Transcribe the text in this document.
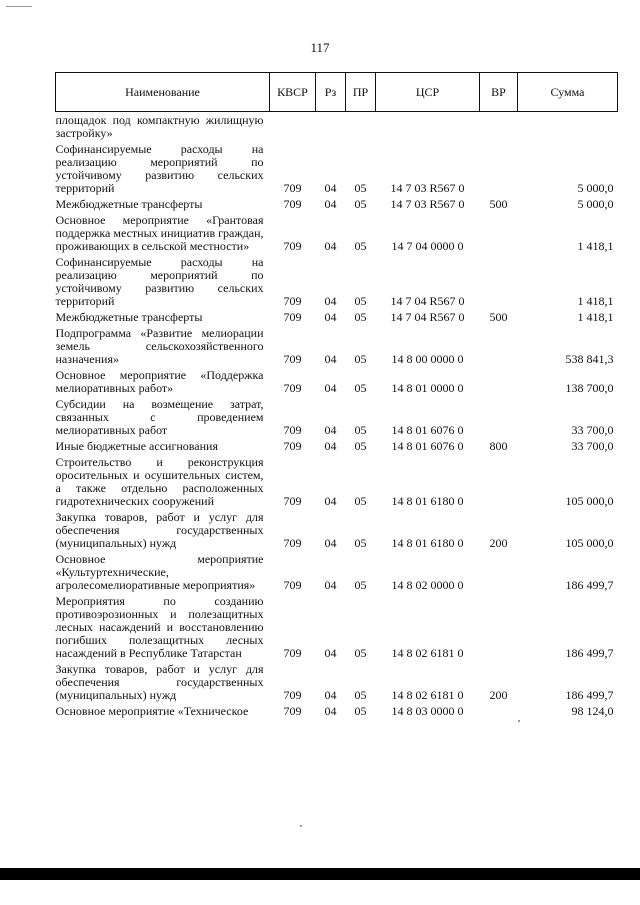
117
Наименование	КВСР	Рз	ПР	ЦСР	ВР	Сумма
площадок под компактную жилищную застройку»						
Софинансируемые расходы на реализацию мероприятий по устойчивому развитию сельских территорий	709	04	05	14 7 03 R567 0		5 000,0
Межбюджетные трансферты	709	04	05	14 7 03 R567 0	500	5 000,0
Основное мероприятие «Грантовая поддержка местных инициатив граждан, проживающих в сельской местности»	709	04	05	14 7 04 0000 0		1 418,1
Софинансируемые расходы на реализацию мероприятий по устойчивому развитию сельских территорий	709	04	05	14 7 04 R567 0		1 418,1
Межбюджетные трансферты	709	04	05	14 7 04 R567 0	500	1 418,1
Подпрограмма «Развитие мелиорации земель сельскохозяйственного назначения»	709	04	05	14 8 00 0000 0		538 841,3
Основное мероприятие «Поддержка мелиоративных работ»	709	04	05	14 8 01 0000 0		138 700,0
Субсидии на возмещение затрат, связанных с проведением мелиоративных работ	709	04	05	14 8 01 6076 0		33 700,0
Иные бюджетные ассигнования	709	04	05	14 8 01 6076 0	800	33 700,0
Строительство и реконструкция оросительных и осушительных систем, а также отдельно расположенных гидротехнических сооружений	709	04	05	14 8 01 6180 0		105 000,0
Закупка товаров, работ и услуг для обеспечения государственных (муниципальных) нужд	709	04	05	14 8 01 6180 0	200	105 000,0
Основное мероприятие «Культуртехнические, агролесомелиоративные мероприятия»	709	04	05	14 8 02 0000 0		186 499,7
Мероприятия по созданию противоэрозионных и полезащитных лесных насаждений и восстановлению погибших полезащитных лесных насаждений в Республике Татарстан	709	04	05	14 8 02 6181 0		186 499,7
Закупка товаров, работ и услуг для обеспечения государственных (муниципальных) нужд	709	04	05	14 8 02 6181 0	200	186 499,7
Основное мероприятие «Техническое	709	04	05	14 8 03 0000 0		98 124,0
